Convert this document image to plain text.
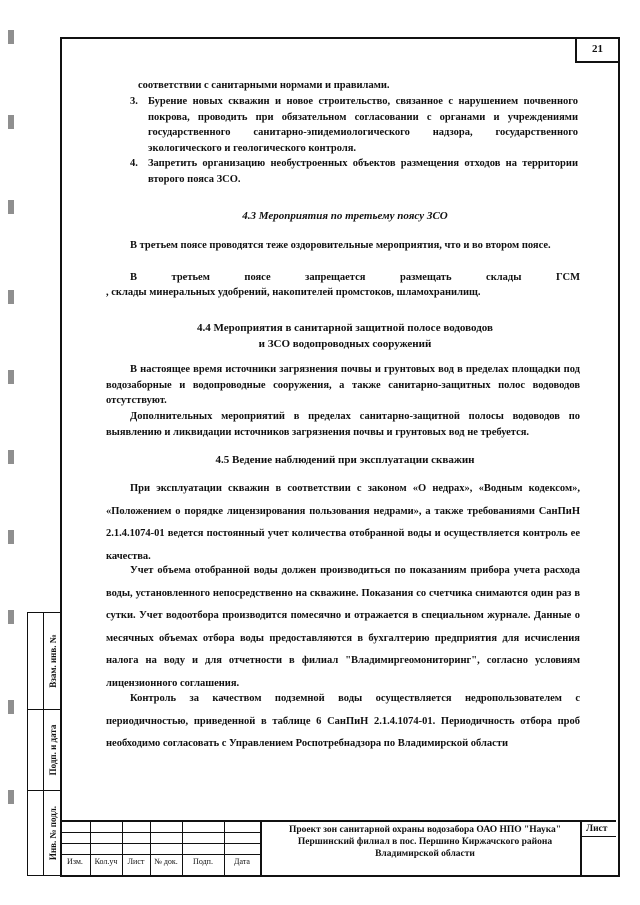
21
соответствии с санитарными нормами и правилами.
3. Бурение новых скважин и новое строительство, связанное с нарушением почвенного покрова, проводить при обязательном согласовании с органами и учреждениями государственного санитарно-эпидемиологического надзора, государственного экологического и геологического контроля.
4. Запретить организацию необустроенных объектов размещения отходов на территории второго пояса ЗСО.
4.3 Мероприятия по третьему поясу ЗСО
В третьем поясе проводятся теже оздоровительные мероприятия, что и во втором поясе.
В	третьем	поясе	запрещается	размещать	склады	ГСМ
, склады минеральных удобрений, накопителей промстоков, шламохранилищ.
4.4 Мероприятия в санитарной защитной полосе водоводов
и ЗСО водопроводных сооружений
В настоящее время источники загрязнения почвы и грунтовых вод в пределах площадки под водозаборные и водопроводные сооружения, а также санитарно-защитных полос водоводов отсутствуют.
Дополнительных мероприятий в пределах санитарно-защитной полосы водоводов по выявлению и ликвидации источников загрязнения почвы и грунтовых вод не требуется.
4.5 Ведение наблюдений при эксплуатации скважин
При эксплуатации скважин в соответствии с законом «О недрах», «Водным кодексом», «Положением о порядке лицензирования пользования недрами», а также требованиями СанПиН 2.1.4.1074-01 ведется постоянный учет количества отобранной воды и осуществляется контроль ее качества.
Учет объема отобранной воды должен производиться по показаниям прибора учета расхода воды, установленного непосредственно на скважине. Показания со счетчика снимаются один раз в сутки. Учет водоотбора производится помесячно и отражается в специальном журнале. Данные о месячных объемах отбора воды предоставляются в бухгалтерию предприятия для исчисления налога на воду и для отчетности в филиал "Владимиргеомониторинг", согласно условиям лицензионного соглашения.
Контроль за качеством подземной воды осуществляется недропользователем с периодичностью, приведенной в таблице 6 СанПиН 2.1.4.1074-01. Периодичность отбора проб необходимо согласовать с Управлением Роспотребнадзора по Владимирской области
Взам. инв. №
Подп. и дата
Инв. № подл.
Изм.	Кол.уч	Лист	№ док.	Подп.	Дата
Проект зон санитарной охраны водозабора ОАО НПО "Наука"
Першинский филиал в пос. Першино Киржачского района
Владимирской области
Лист
